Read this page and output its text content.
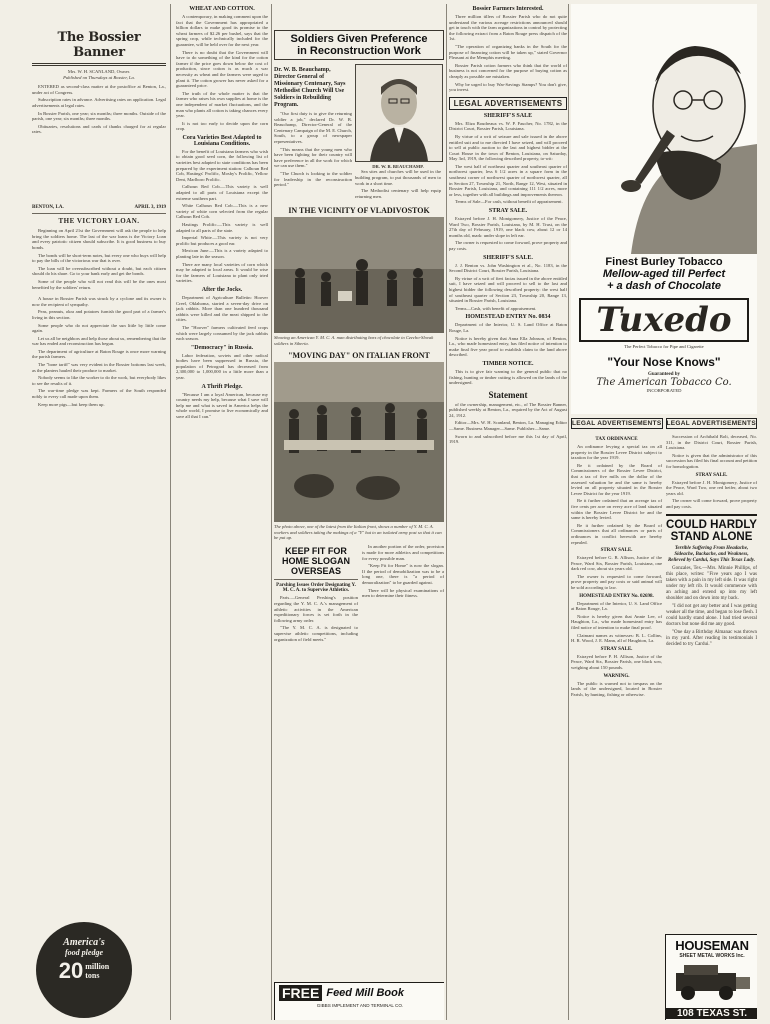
The Bossier Banner
Mrs. W. H. SCANLAND, Owner.
Published on Thursdays at Bossier, La.

ENTERED as second-class matter at the postoffice at Benton, La., under act of Congress.

Subscription rates in advance. Advertising rates on application. Legal advertisements at legal rates.

In Bossier Parish, one year; six months; three months. Outside of the parish, one year; six months; three months.

Obituaries, resolutions and cards of thanks charged for at regular rates.

BENTON, LA.	APRIL 3, 1919
THE VICTORY LOAN.

Beginning on April 21st the Government will ask the people to help bring the soldiers home. The last of the war loans is the Victory Loan and every patriotic citizen should subscribe. It is good business to buy bonds.

The bonds will be short-term notes, but every one who buys will help to pay the bills of the victorious war that is over.

The loan will be oversubscribed without a doubt, but each citizen should do his share. Go to your bank early and get the bonds.

Some of the people who will not read this will be the ones most benefited by the soldiers' return.

A house in Bossier Parish was struck by a cyclone and its owner is now the recipient of sympathy.

Peas, peanuts, okra and potatoes furnish the good part of a farmer's living in this section.

Some people who do not appreciate the sun little by little come again.

Let us all be neighbors and help those about us, remembering that the war has ended and reconstruction has begun.

The department of agriculture at Baton Rouge is once more warning the parish farmers.

The "bone tariff" was very evident in the Bossier bottoms last week, as the planters hauled their produce to market.

Nobody seems to like the worker to do the work, but everybody likes to see the results of it.

The war-time pledge was kept. Farmers of the South responded nobly to every call made upon them.

Keep more pigs—but keep them up.

America's
food pledge
20 million
tons
WHEAT AND COTTON.

A contemporary, in making comment upon the fact that the Government has appropriated a billion dollars to make good its promise to the wheat farmers of $2.26 per bushel, says that the spring crop, while technically included for the guarantee, will be held over for the next year.

There is no doubt that the Government will have to do something of the kind for the cotton farmer if the price goes down below the cost of production, since cotton is as much a war necessity as wheat and the farmers were urged to plant it. The cotton grower has never asked for a guaranteed price.

The truth of the whole matter is that the farmer who raises his own supplies at home is the one independent of market fluctuations, and the man who plants all cotton is taking chances every year.

It is not too early to decide upon the corn crop.

Cora Varieties Best Adapted to Louisiana Conditions.

For the benefit of Louisiana farmers who wish to obtain good seed corn, the following list of varieties best adapted to state conditions has been prepared by the experiment station: Calhoun Red Cob, Hastings' Prolific, Mosby's Prolific, Yellow Dent, Marlboro Prolific.

Calhoun Red Cob.—This variety is well adapted to all parts of Louisiana except the extreme southern part.

White Calhoun Red Cob.—This is a new variety of white corn selected from the regular Calhoun Red Cob.

Hastings Prolific.—This variety is well adapted to all parts of the state.

Imperial White.—This variety is not very prolific but produces a good ear.

Mexican June.—This is a variety adapted to planting late in the season.

There are many local varieties of corn which may be adapted to local areas. It would be wise for the farmers of Louisiana to plant only tried varieties.

After the Jocks.

Department of Agriculture Bulletin: Hoover Creel, Oklahoma, started a seven-day drive on jack rabbits. More than one hundred thousand rabbits were killed and the meat shipped to the cities.

The "Hoover" farmers cultivated feed crops which were largely consumed by the jack rabbits each season.

"Democracy" in Russia.

Labor federation, soviets and other radical bodies have been suppressed in Russia, the population of Petrograd has decreased from 2,300,000 to 1,000,000 in a little more than a year.

A Thrift Pledge.

"Because I am a loyal American, because my country needs my help, because what I save will help me and what is saved in America helps the whole world, I promise to live economically and save all that I can."

Soldiers Given Preference
in Reconstruction Work
Dr. W. B. Beauchamp, Director General of Missionary Centenary, Says Methodist Church Will Use Soldiers in Rebuilding Program.

"Our first duty is to give the returning soldier a job," declared Dr. W. B. Beauchamp, Director-General of the Centenary Campaign of the M. E. Church, South, to a group of newspaper representatives.

"This means that the young men who have been fighting for their country will have preference in all the work for which we can use them."

"The Church is looking to the soldier for leadership in the reconstruction period."

DR. W. B. BEAUCHAMP.

Sea sites and churches will be used in the building program, to put thousands of men to work in a short time.

The Methodist centenary will help equip returning men.

IN THE VICINITY OF VLADIVOSTOK
Showing an American Y. M. C. A. man distributing bars of chocolate to Czecho-Slovak soldiers in Siberia.
"MOVING DAY" ON ITALIAN FRONT
The photo above, one of the latest from the Italian front, shows a number of Y. M. C. A. workers and soldiers taking the makings of a "Y" hut to an isolated army post so that it can be put up.
KEEP FIT FOR HOME SLOGAN OVERSEAS
Parshing Issues Order Designating Y. M. C. A. to Supervise Athletics.

Paris.—General Pershing's position regarding the Y. M. C. A.'s management of athletic activities in the American expeditionary forces is set forth in the following army order.

"The Y. M. C. A. is designated to supervise athletic competitions, including organization of field meets."

In another portion of the order, provision is made for more athletics and competitions for every possible man.

"Keep Fit for Home" is now the slogan. If the period of demobilization was to be a long one, there is "a period of demoralization" to be guarded against.

There will be physical examinations of men to determine their fitness.

FREE Feed Mill Book
GIBBS IMPLEMENT AND TERMINAL CO.
Bossier Farmers Interested.

Three million tillers of Bossier Parish who do not quite understand the various acreage restrictions announced should get in touch with the farm organizations in control by protecting the following extract from a Baton Rouge press dispatch of the 1st.

"The operation of organizing banks in the South for the purpose of financing cotton will be taken up," stated Governor Pleasant at the Memphis meeting.

Bossier Parish cotton farmers who think that the world of business is not concerned for the purpose of buying cotton as cheaply as possible are mistaken.

Why be urged to buy War-Savings Stamps? You don't give, you invest.

LEGAL ADVERTISEMENTS
SHERIFF'S SALE

Mrs. Eliza Boudreaux vs. W. P. Faucher, No. 1782, in the District Court, Bossier Parish, Louisiana.

By virtue of a writ of seizure and sale issued in the above entitled suit and to me directed I have seized, and will proceed to sell at public auction to the last and highest bidder at the Court House in the town of Benton, Louisiana, on Saturday, May 3rd, 1919, the following described property, to-wit:

The west half of northeast quarter and southeast quarter of northwest quarter, less 6 1/2 acres in a square form in the southeast corner of northwest quarter of northwest quarter, all in Section 27, Township 21, North, Range 12, West, situated in Bossier Parish, Louisiana, and containing 111 1/2 acres, more or less, together with all buildings and improvements thereon.

Terms of Sale—For cash, without benefit of appraisement.

STRAY SALE.

Estrayed before J. H. Montgomery, Justice of the Peace, Ward Two, Bossier Parish, Louisiana, by M. H. Trust, on the 27th day of February, 1919, one black cow, about 12 or 14 months old, mark: under slope in left ear.

The owner is requested to come forward, prove property and pay costs.

SHERIFF'S SALE.

J. J. Benton vs. John Washington et al., No. 1183, in the Second District Court, Bossier Parish, Louisiana.

By virtue of a writ of fieri facias issued in the above entitled suit, I have seized and will proceed to sell to the last and highest bidder the following described property: the west half of southeast quarter of Section 23, Township 20, Range 13, situated in Bossier Parish, Louisiana.

Terms—Cash, with benefit of appraisement.

HOMESTEAD ENTRY No. 0834

Department of the Interior, U. S. Land Office at Baton Rouge, La.

Notice is hereby given that Anna Ella Johnson, of Benton, La., who made homestead entry, has filed notice of intention to make final five year proof to establish claim to the land above described.

TIMBER NOTICE.

This is to give fair warning to the general public that no fishing, hunting or timber cutting is allowed on the lands of the undersigned.

Statement

of the ownership, management, etc., of The Bossier Banner, published weekly at Benton, La., required by the Act of August 24, 1912.

Editor—Mrs. W. H. Scanland, Benton, La. Managing Editor—Same. Business Manager—Same. Publisher—Same.

Sworn to and subscribed before me this 1st day of April, 1919.

Finest Burley Tobacco
Mellow-aged till Perfect
+ a dash of Chocolate
Tuxedo
The Perfect Tobacco for Pipe and Cigarette
"Your Nose Knows"
Guaranteed by
The American Tobacco Co.
INCORPORATED
LEGAL ADVERTISEMENTS LEGAL ADVERTISEMENTS
TAX ORDINANCE

An ordinance levying a special tax on all property in the Bossier Levee District subject to taxation for the year 1919.

Be it ordained by the Board of Commissioners of the Bossier Levee District, that a tax of five mills on the dollar of the assessed valuation be and the same is hereby levied on all property situated in the Bossier Levee District for the year 1919.

Be it further ordained that an acreage tax of five cents per acre on every acre of land situated within the Bossier Levee District be and the same is hereby levied.

Be it further ordained by the Board of Commissioners that all ordinances or parts of ordinances in conflict herewith are hereby repealed.

STRAY SALE.

Estrayed before G. B. Allison, Justice of the Peace, Ward Six, Bossier Parish, Louisiana, one dark red cow, about six years old.

The owner is requested to come forward, prove property and pay costs or said animal will be sold according to law.

HOMESTEAD ENTRY No. 02698.

Department of the Interior, U. S. Land Office at Baton Rouge, La.

Notice is hereby given that Annie Lee, of Haughton, La., who made homestead entry has filed notice of intention to make final proof.

Claimant names as witnesses: B. L. Collins, H. R. Wood, J. E. Mann, all of Haughton, La.

STRAY SALE.

Estrayed before P. H. Allison, Justice of the Peace, Ward Six, Bossier Parish, one black sow, weighing about 150 pounds.

WARNING.

The public is warned not to trespass on the lands of the undersigned, located in Bossier Parish, by hunting, fishing or otherwise.

Succession of Archibald Bolt, deceased, No. 311, in the District Court, Bossier Parish, Louisiana.

Notice is given that the administrator of this succession has filed his final account and petition for homologation.

STRAY SALE.

Estrayed before J. H. Montgomery, Justice of the Peace, Ward Two, one red heifer, about two years old.

The owner will come forward, prove property and pay costs.

COULD HARDLY
STAND ALONE
Terrible Suffering From Headache, Sideache, Backache, and Weakness, Relieved by Cardui, Says This Texas Lady.

Gonzales, Tex.—Mrs. Minnie Phillips, of this place, writes: "Five years ago I was taken with a pain in my left side. It was right under my left rib. It would commence with an aching and extend up into my left shoulder and on down into my back.

"I did not get any better and I was getting weaker all the time, and began to lose flesh. I could hardly stand alone. I had tried several doctors but none did me any good.

"One day a Birthday Almanac was thrown in my yard. After reading its testimonials I decided to try Cardui."

HOUSEMAN
SHEET METAL WORKS Inc.
108 TEXAS ST.
